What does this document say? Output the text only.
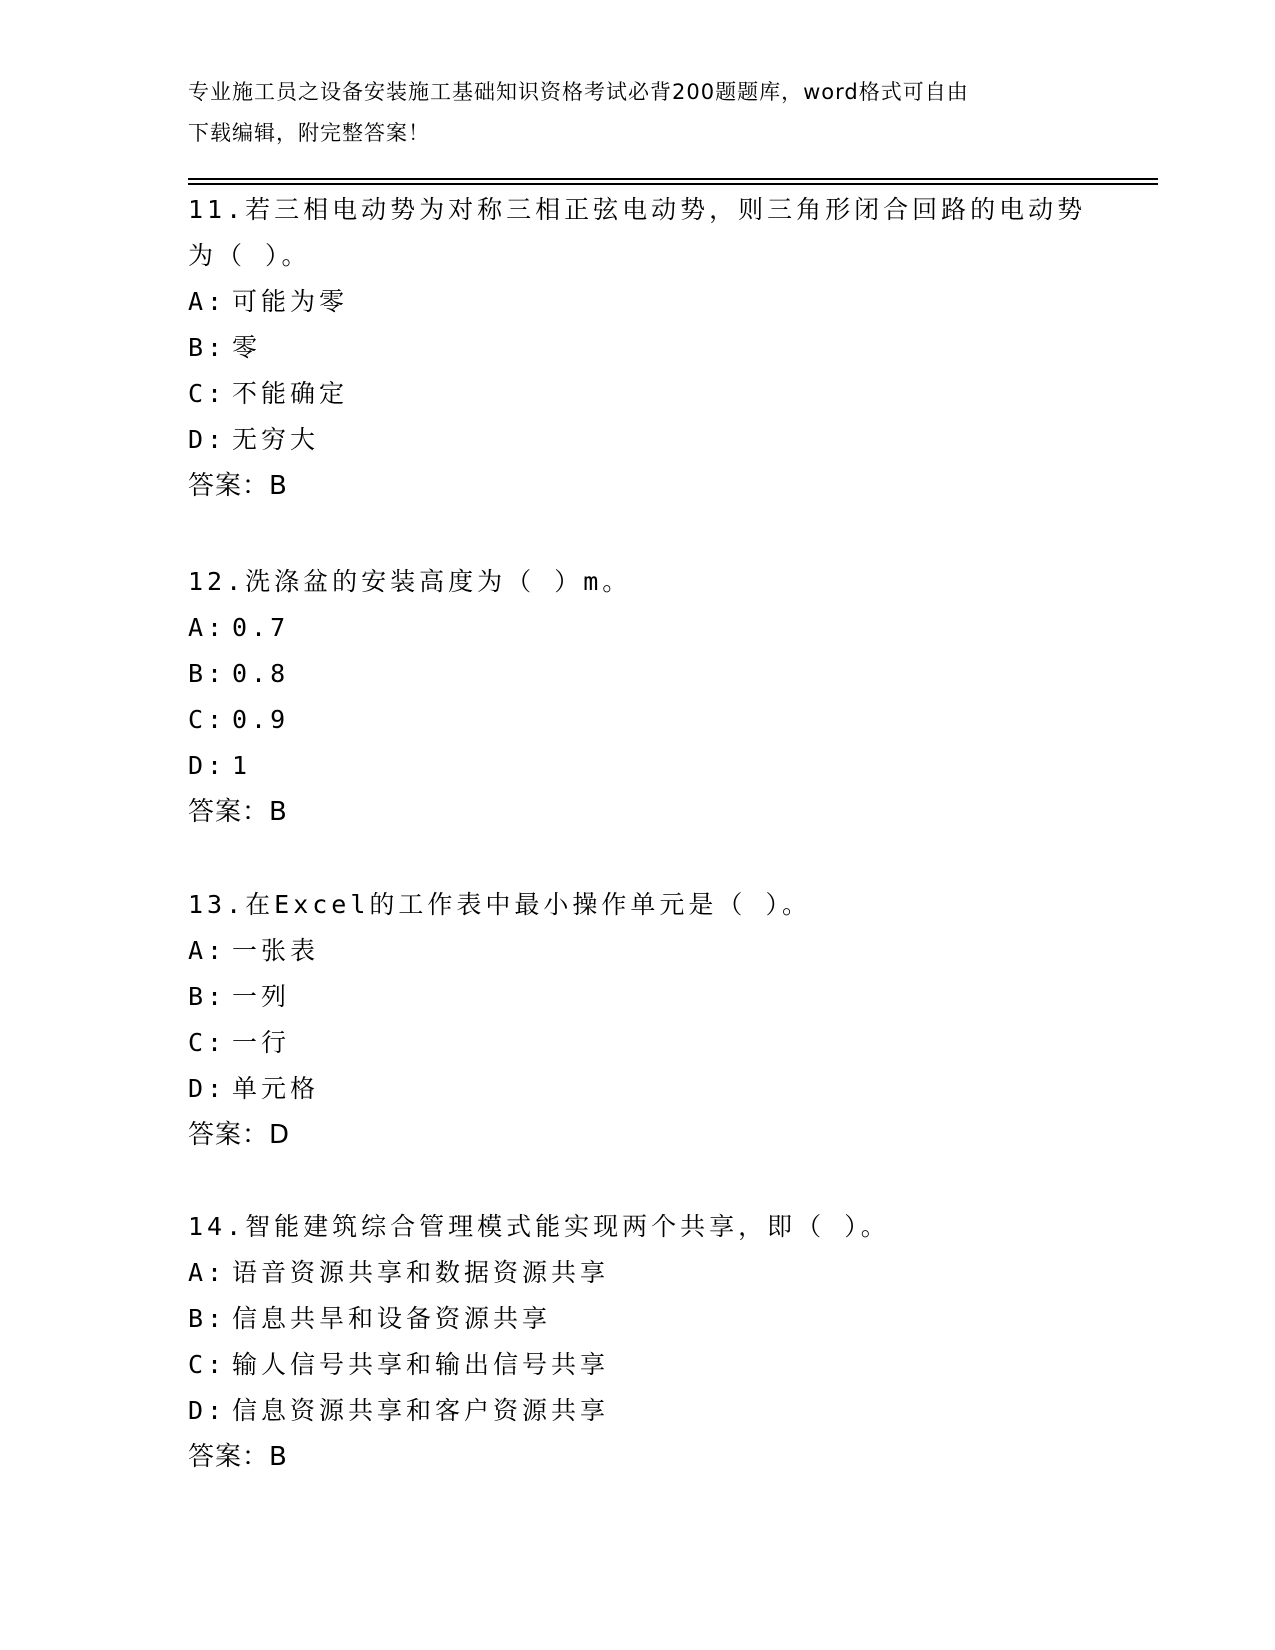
专业施工员之设备安装施工基础知识资格考试必背200题题库，word格式可自由
下载编辑，附完整答案！
11.若三相电动势为对称三相正弦电动势，则三角形闭合回路的电动势为（ ）。
A: 可能为零
B: 零
C: 不能确定
D: 无穷大
答案：B
12.洗涤盆的安装高度为（ ）m。
A: 0.7
B: 0.8
C: 0.9
D: 1
答案：B
13.在Excel的工作表中最小操作单元是（ ）。
A: 一张表
B: 一列
C: 一行
D: 单元格
答案：D
14.智能建筑综合管理模式能实现两个共享，即（ ）。
A: 语音资源共享和数据资源共享
B: 信息共旱和设备资源共享
C: 输人信号共享和输出信号共享
D: 信息资源共享和客户资源共享
答案：B
